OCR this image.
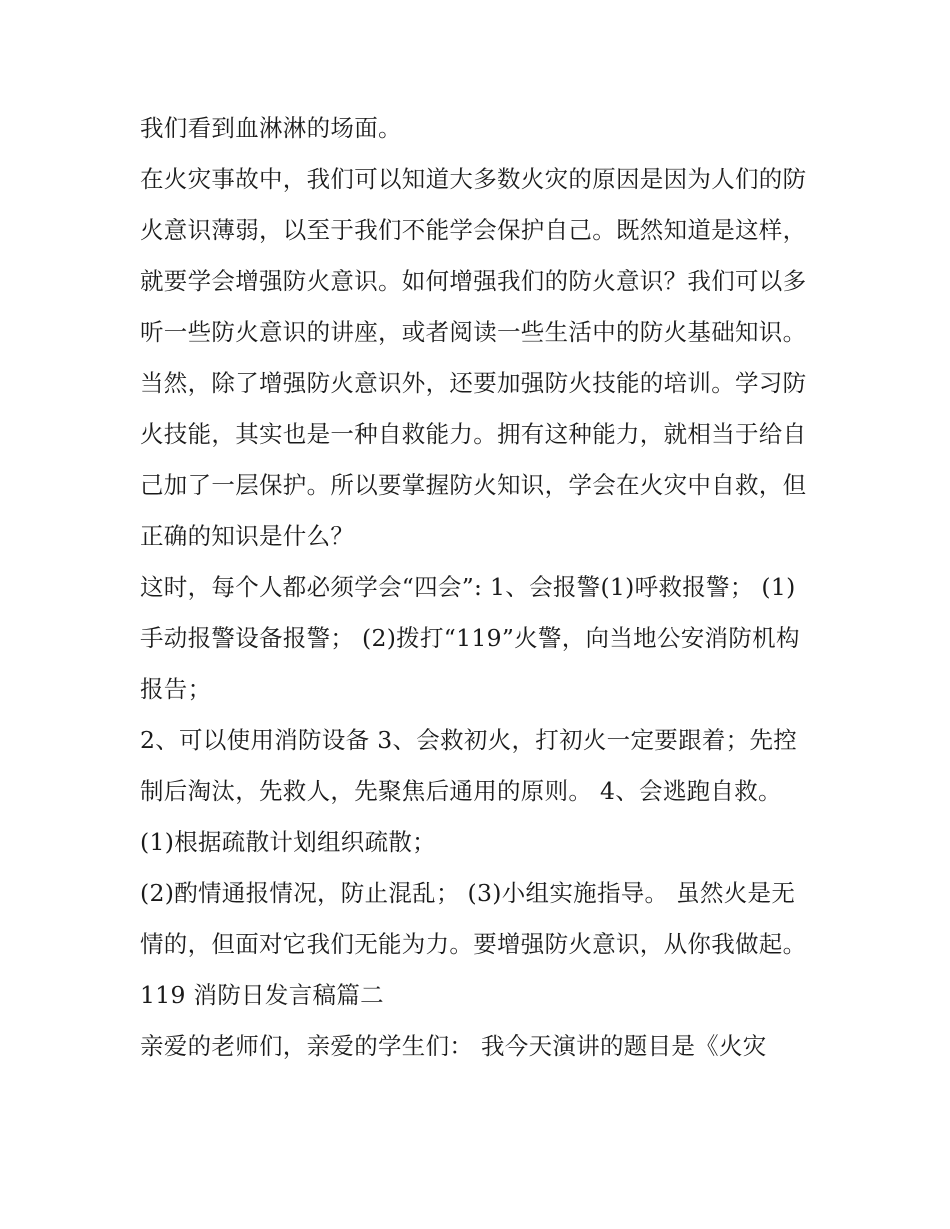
我们看到血淋淋的场面。

在火灾事故中，我们可以知道大多数火灾的原因是因为人们的防火意识薄弱，以至于我们不能学会保护自己。既然知道是这样，就要学会增强防火意识。如何增强我们的防火意识？我们可以多听一些防火意识的讲座，或者阅读一些生活中的防火基础知识。

当然，除了增强防火意识外，还要加强防火技能的培训。学习防火技能，其实也是一种自救能力。拥有这种能力，就相当于给自己加了一层保护。所以要掌握防火知识，学会在火灾中自救，但正确的知识是什么？

这时，每个人都必须学会“四会”: 1、会报警(1)呼救报警； (1)手动报警设备报警； (2)拨打“119”火警，向当地公安消防机构报告；

2、可以使用消防设备 3、会救初火，打初火一定要跟着；先控制后淘汰，先救人，先聚焦后通用的原则。 4、会逃跑自救。 (1)根据疏散计划组织疏散；

(2)酌情通报情况，防止混乱； (3)小组实施指导。 虽然火是无情的，但面对它我们无能为力。要增强防火意识，从你我做起。 119 消防日发言稿篇二

亲爱的老师们，亲爱的学生们： 我今天演讲的题目是《火灾
